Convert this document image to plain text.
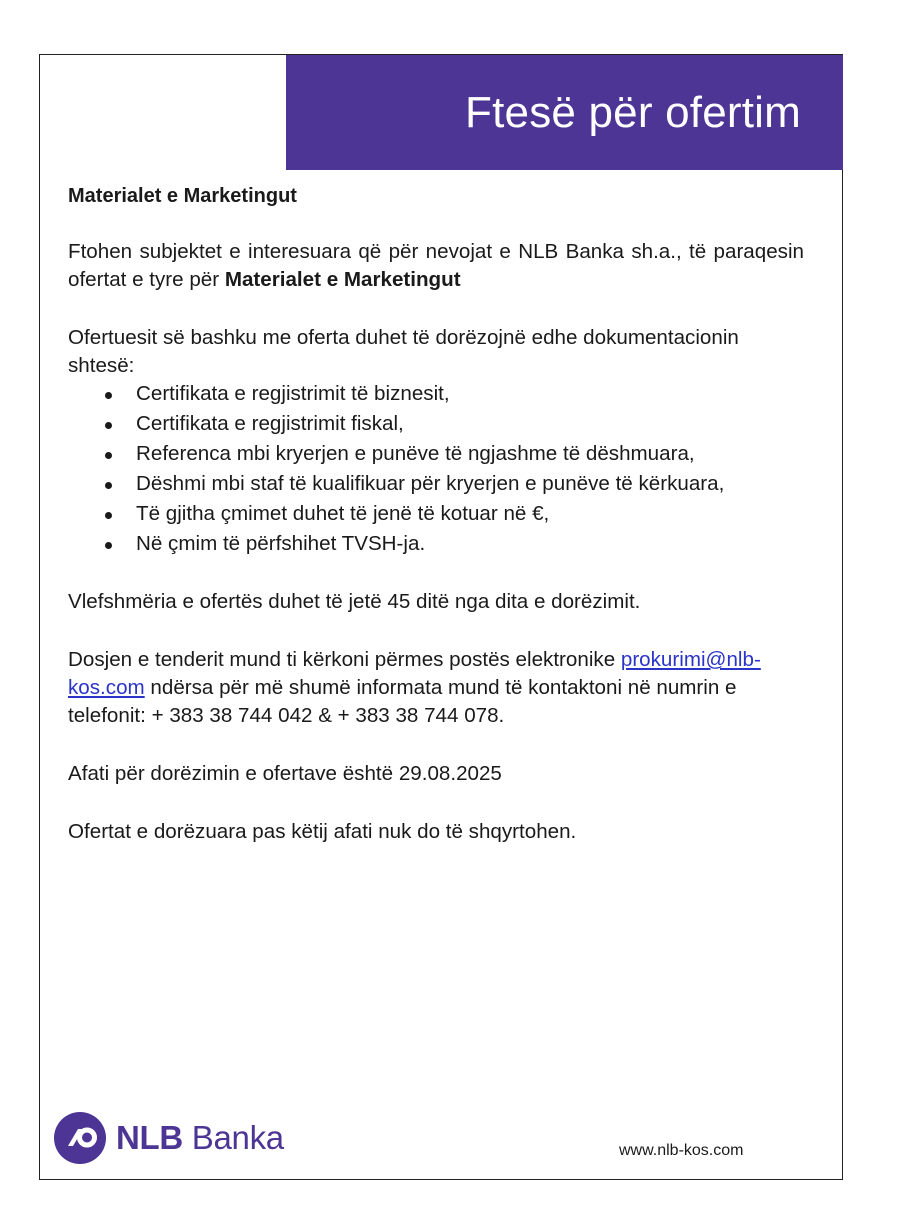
Ftesë për ofertim

Materialet e Marketingut

Ftohen subjektet e interesuara që për nevojat e NLB Banka sh.a., të paraqesin ofertat e tyre për Materialet e Marketingut

Ofertuesit së bashku me oferta duhet të dorëzojnë edhe dokumentacionin shtesë:
Certifikata e regjistrimit të biznesit,
Certifikata e regjistrimit fiskal,
Referenca mbi kryerjen e punëve të ngjashme të dëshmuara,
Dëshmi mbi staf të kualifikuar për kryerjen e punëve të kërkuara,
Të gjitha çmimet duhet të jenë të kotuar në €,
Në çmim të përfshihet TVSH-ja.

Vlefshmëria e ofertës duhet të jetë 45 ditë nga dita e dorëzimit.

Dosjen e tenderit mund ti kërkoni përmes postës elektronike prokurimi@nlb-kos.com ndërsa për më shumë informata mund të kontaktoni në numrin e telefonit: + 383 38 744 042 & + 383 38 744 078.

Afati për dorëzimin e ofertave është 29.08.2025

Ofertat e dorëzuara pas këtij afati nuk do të shqyrtohen.

NLB Banka	www.nlb-kos.com
